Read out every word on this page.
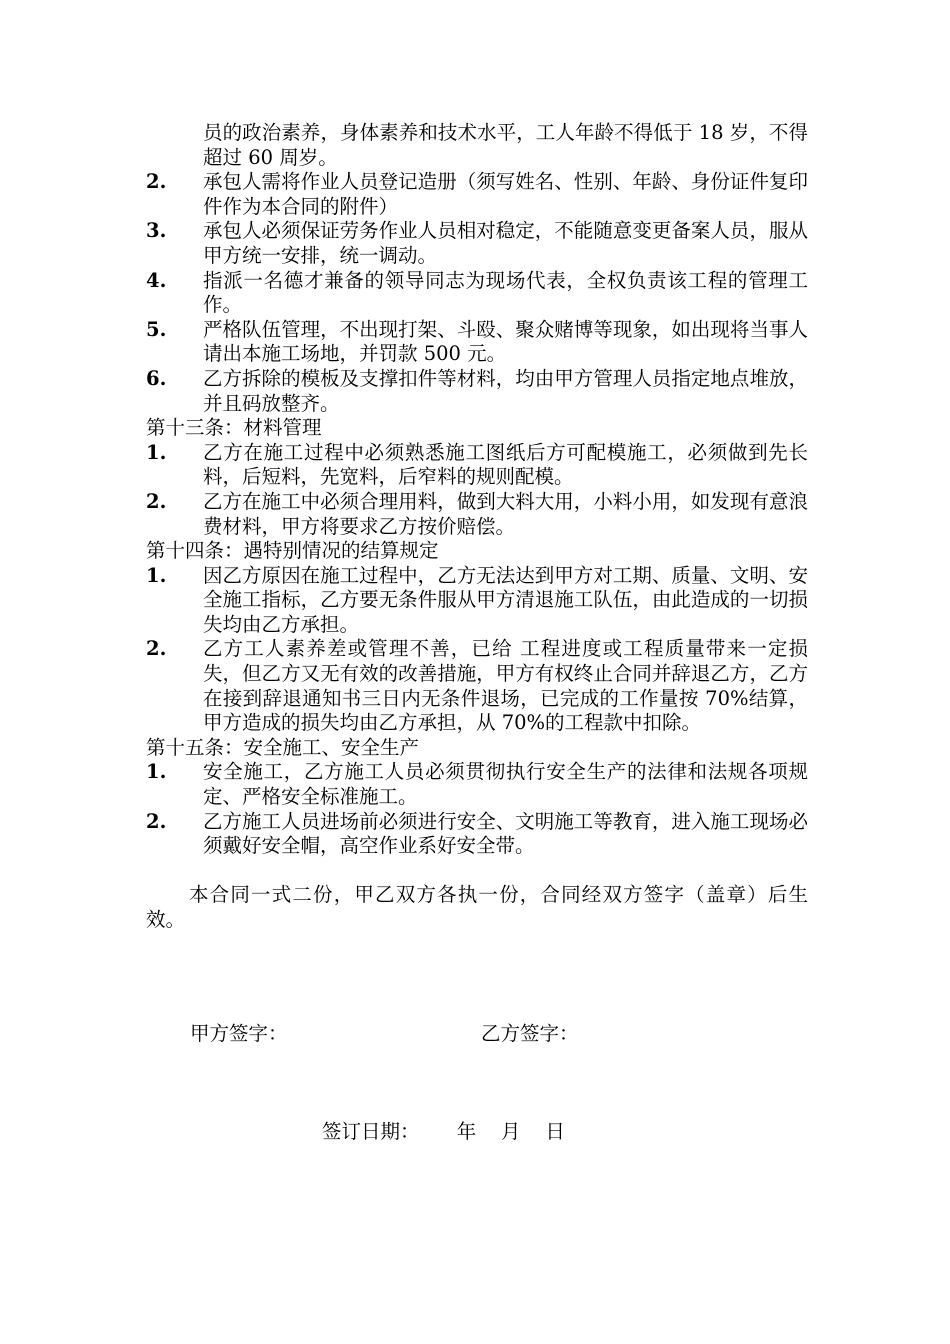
员的政治素养，身体素养和技术水平，工人年龄不得低于 18 岁，不得超过 60 周岁。
2. 承包人需将作业人员登记造册（须写姓名、性别、年龄、身份证件复印件作为本合同的附件）
3. 承包人必须保证劳务作业人员相对稳定，不能随意变更备案人员，服从甲方统一安排，统一调动。
4. 指派一名德才兼备的领导同志为现场代表，全权负责该工程的管理工作。
5. 严格队伍管理，不出现打架、斗殴、聚众赌博等现象，如出现将当事人请出本施工场地，并罚款 500 元。
6. 乙方拆除的模板及支撑扣件等材料，均由甲方管理人员指定地点堆放，并且码放整齐。
第十三条：材料管理
1. 乙方在施工过程中必须熟悉施工图纸后方可配模施工，必须做到先长料，后短料，先宽料，后窄料的规则配模。
2. 乙方在施工中必须合理用料，做到大料大用，小料小用，如发现有意浪费材料，甲方将要求乙方按价赔偿。
第十四条：遇特别情况的结算规定
1. 因乙方原因在施工过程中，乙方无法达到甲方对工期、质量、文明、安全施工指标，乙方要无条件服从甲方清退施工队伍，由此造成的一切损失均由乙方承担。
2. 乙方工人素养差或管理不善，已给 工程进度或工程质量带来一定损失，但乙方又无有效的改善措施，甲方有权终止合同并辞退乙方，乙方在接到辞退通知书三日内无条件退场，已完成的工作量按 70%结算，甲方造成的损失均由乙方承担，从 70%的工程款中扣除。
第十五条：安全施工、安全生产
1. 安全施工，乙方施工人员必须贯彻执行安全生产的法律和法规各项规定、严格安全标准施工。
2. 乙方施工人员进场前必须进行安全、文明施工等教育，进入施工现场必须戴好安全帽，高空作业系好安全带。
本合同一式二份，甲乙双方各执一份，合同经双方签字（盖章）后生效。
甲方签字：	乙方签字：
签订日期： 年 月 日
